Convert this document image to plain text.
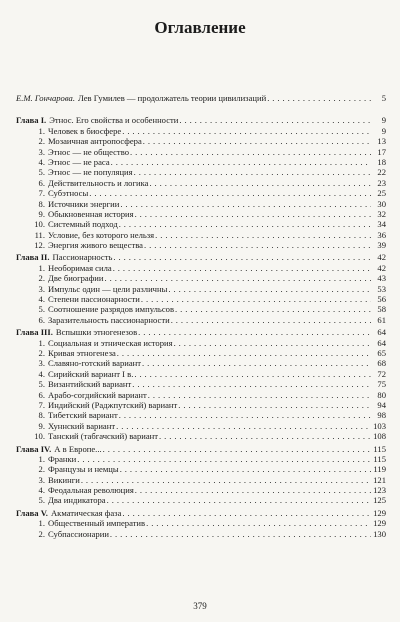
Оглавление
Е.М. Гончарова. Лев Гумилев — продолжатель теории цивилизаций . . .	5
Глава I. Этнос. Его свойства и особенности . . .	9
1. Человек в биосфере . . .	9
2. Мозаичная антропосфера . . .	13
3. Этнос — не общество . . .	17
4. Этнос — не раса . . .	18
5. Этнос — не популяция . . .	22
6. Действительность и логика . . .	23
7. Субэтносы . . .	25
8. Источники энергии . . .	30
9. Обыкновенная история . . .	32
10. Системный подход . . .	34
11. Условие, без которого нельзя . . .	36
12. Энергия живого вещества . . .	39
Глава II. Пассионарность . . .	42
1. Необоримая сила . . .	42
2. Две биографии . . .	43
3. Импульс один — цели различны . . .	53
4. Степени пассионарности . . .	56
5. Соотношение разрядов импульсов . . .	58
6. Заразительность пассионарности . . .	61
Глава III. Вспышки этногенезов . . .	64
1. Социальная и этническая история . . .	64
2. Кривая этногенеза . . .	65
3. Славяно-готский вариант . . .	68
4. Сирийский вариант I в. . . .	72
5. Византийский вариант . . .	75
6. Арабо-согдийский вариант . . .	80
7. Индийский (Раджпутский) вариант . . .	94
8. Тибетский вариант . . .	98
9. Хуннский вариант . . .	103
10. Танский (табгачский) вариант . . .	108
Глава IV. А в Европе... . . .	115
1. Франки . . .	115
2. Французы и немцы . . .	119
3. Викинги . . .	121
4. Феодальная революция . . .	123
5. Два индикатора . . .	125
Глава V. Акматическая фаза . . .	129
1. Общественный императив . . .	129
2. Субпассионарии . . .	130
379
